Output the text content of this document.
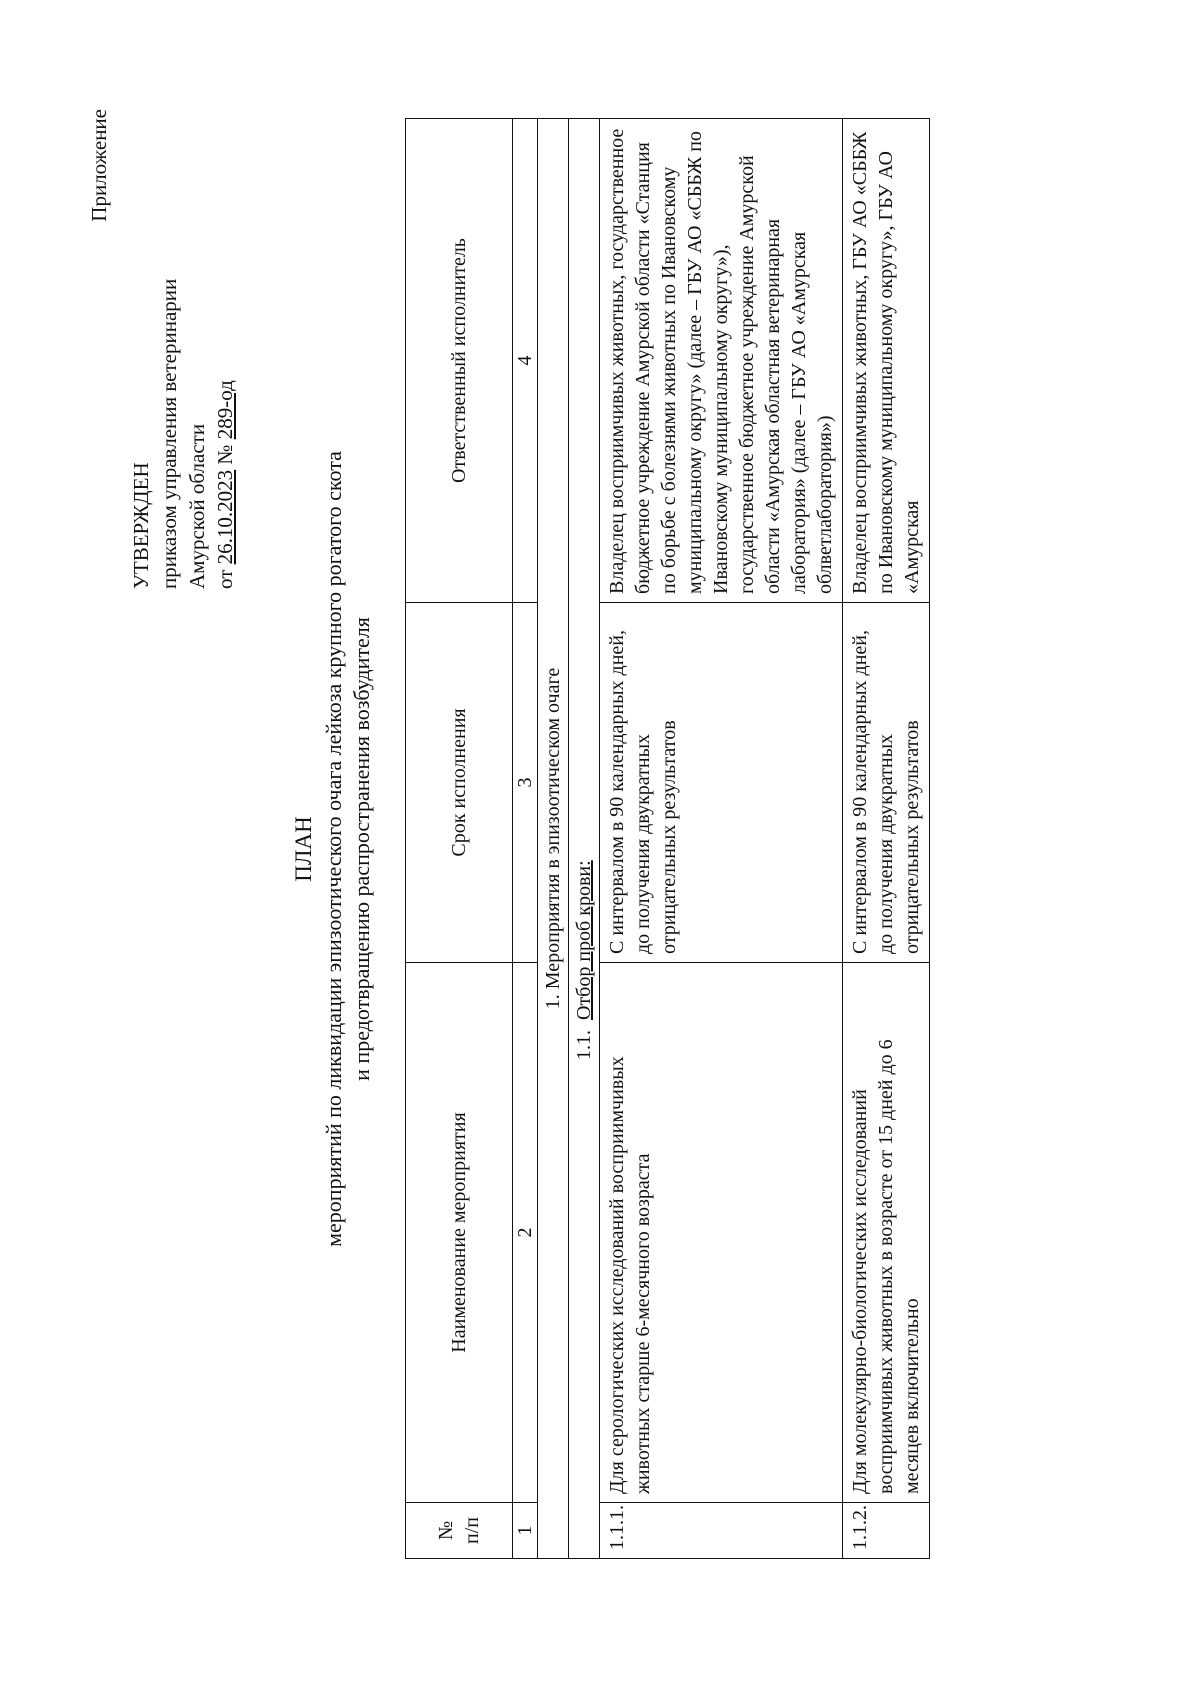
Приложение
УТВЕРЖДЕН приказом управления ветеринарии Амурской области от 26.10.2023 № 289-од
ПЛАН мероприятий по ликвидации эпизоотического очага лейкоза крупного рогатого скота и предотвращению распространения возбудителя
№ п/п	Наименование мероприятия	Срок исполнения	Ответственный исполнитель
1	2	3	4
1. Мероприятия в эпизоотическом очаге			
1.1.Отбор проб крови:			
1.1.1.	Для серологических исследований восприимчивых животных старше 6-месячного возраста	С интервалом в 90 календарных дней, до получения двукратных отрицательных результатов	Владелец восприимчивых животных, государственное бюджетное учреждение Амурской области «Станция по борьбе с болезнями животных по Ивановскому муниципальному округу» (далее – ГБУ АО «СББЖ по Ивановскому муниципальному округу»), государственное бюджетное учреждение Амурской области «Амурская областная ветеринарная лаборатория» (далее – ГБУ АО «Амурская облветлаборатория»)
1.1.2.	Для молекулярно-биологических исследований восприимчивых животных в возрасте от 15 дней до 6 месяцев включительно	С интервалом в 90 календарных дней, до получения двукратных отрицательных результатов	Владелец восприимчивых животных, ГБУ АО «СББЖ по Ивановскому муниципальному округу», ГБУ АО «Амурская
